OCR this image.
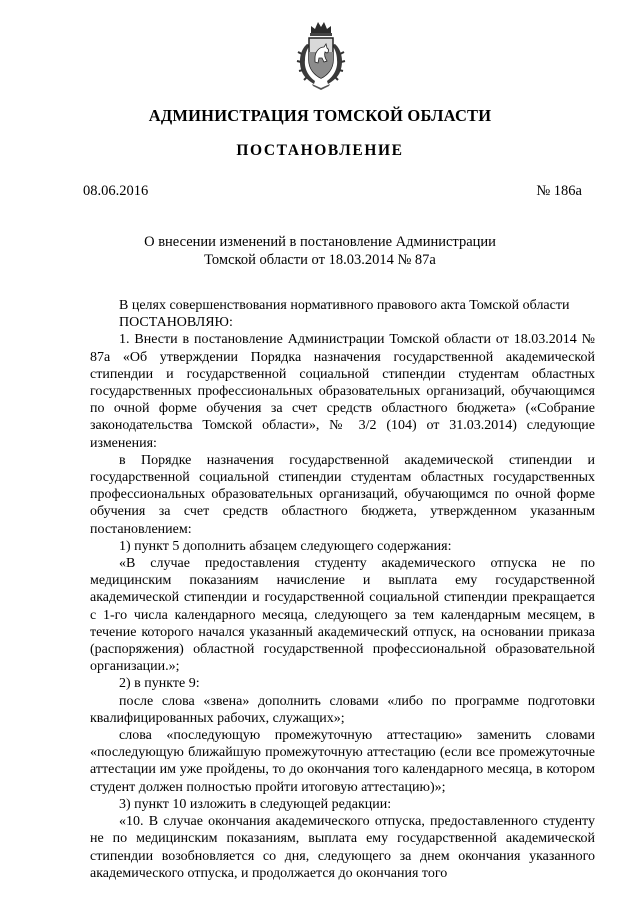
АДМИНИСТРАЦИЯ ТОМСКОЙ ОБЛАСТИ
ПОСТАНОВЛЕНИЕ
08.06.2016	№ 186а
О внесении изменений в постановление Администрации
Томской области от 18.03.2014 № 87а

В целях совершенствования нормативного правового акта Томской области

ПОСТАНОВЛЯЮ:

1. Внести в постановление Администрации Томской области от 18.03.2014 № 87а «Об утверждении Порядка назначения государственной академической стипендии и государственной социальной стипендии студентам областных государственных профессиональных образовательных организаций, обучающимся по очной форме обучения за счет средств областного бюджета» («Собрание законодательства Томской области», № 3/2 (104) от 31.03.2014) следующие изменения:

в Порядке назначения государственной академической стипендии и государственной социальной стипендии студентам областных государственных профессиональных образовательных организаций, обучающимся по очной форме обучения за счет средств областного бюджета, утвержденном указанным постановлением:

1) пункт 5 дополнить абзацем следующего содержания:

«В случае предоставления студенту академического отпуска не по медицинским показаниям начисление и выплата ему государственной академической стипендии и государственной социальной стипендии прекращается с 1-го числа календарного месяца, следующего за тем календарным месяцем, в течение которого начался указанный академический отпуск, на основании приказа (распоряжения) областной государственной профессиональной образовательной организации.»;

2) в пункте 9:

после слова «звена» дополнить словами «либо по программе подготовки квалифицированных рабочих, служащих»;

слова «последующую промежуточную аттестацию» заменить словами «последующую ближайшую промежуточную аттестацию (если все промежуточные аттестации им уже пройдены, то до окончания того календарного месяца, в котором студент должен полностью пройти итоговую аттестацию)»;

3) пункт 10 изложить в следующей редакции:

«10. В случае окончания академического отпуска, предоставленного студенту не по медицинским показаниям, выплата ему государственной академической стипендии возобновляется со дня, следующего за днем окончания указанного академического отпуска, и продолжается до окончания того
